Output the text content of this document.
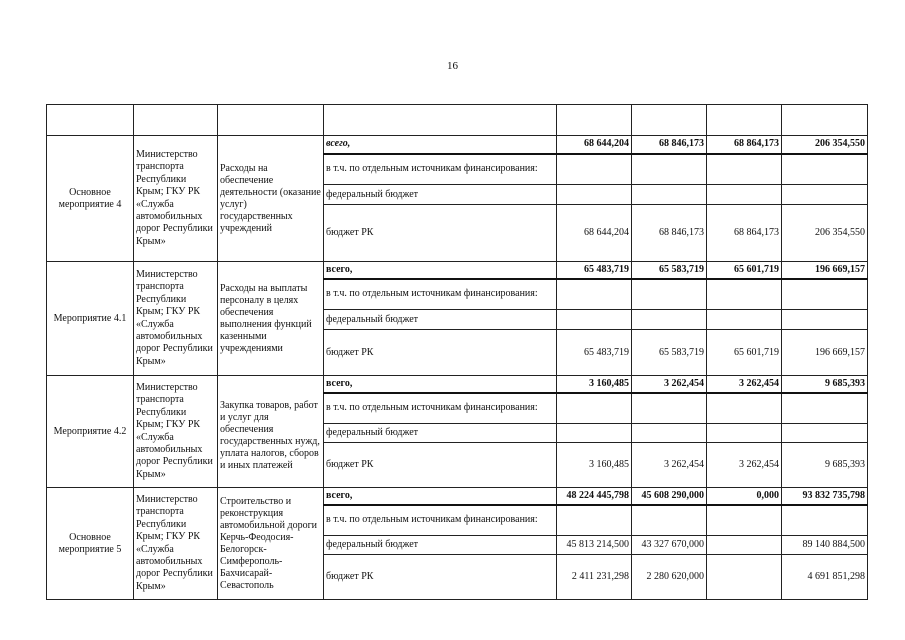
16

Основное мероприятие 4	Министерство транспорта Республики Крым; ГКУ РК «Служба автомобильных дорог Республики Крым»	Расходы на обеспечение деятельности (оказание услуг) государственных учреждений	всего,	68 644,204	68 846,173	68 864,173	206 354,550
			в т.ч. по отдельным источникам финансирования:				
			федеральный бюджет				
			бюджет РК	68 644,204	68 846,173	68 864,173	206 354,550
Мероприятие 4.1	Министерство транспорта Республики Крым; ГКУ РК «Служба автомобильных дорог Республики Крым»	Расходы на выплаты персоналу в целях обеспечения выполнения функций казенными учреждениями	всего,	65 483,719	65 583,719	65 601,719	196 669,157
			в т.ч. по отдельным источникам финансирования:				
			федеральный бюджет				
			бюджет РК	65 483,719	65 583,719	65 601,719	196 669,157
Мероприятие 4.2	Министерство транспорта Республики Крым; ГКУ РК «Служба автомобильных дорог Республики Крым»	Закупка товаров, работ и услуг для обеспечения государственных нужд, уплата налогов, сборов и иных платежей	всего,	3 160,485	3 262,454	3 262,454	9 685,393
			в т.ч. по отдельным источникам финансирования:				
			федеральный бюджет				
			бюджет РК	3 160,485	3 262,454	3 262,454	9 685,393
Основное мероприятие 5	Министерство транспорта Республики Крым; ГКУ РК «Служба автомобильных дорог Республики Крым»	Строительство и реконструкция автомобильной дороги Керчь-Феодосия-Белогорск-Симферополь-Бахчисарай-Севастополь	всего,	48 224 445,798	45 608 290,000	0,000	93 832 735,798
			в т.ч. по отдельным источникам финансирования:				
			федеральный бюджет	45 813 214,500	43 327 670,000		89 140 884,500
			бюджет РК	2 411 231,298	2 280 620,000		4 691 851,298
